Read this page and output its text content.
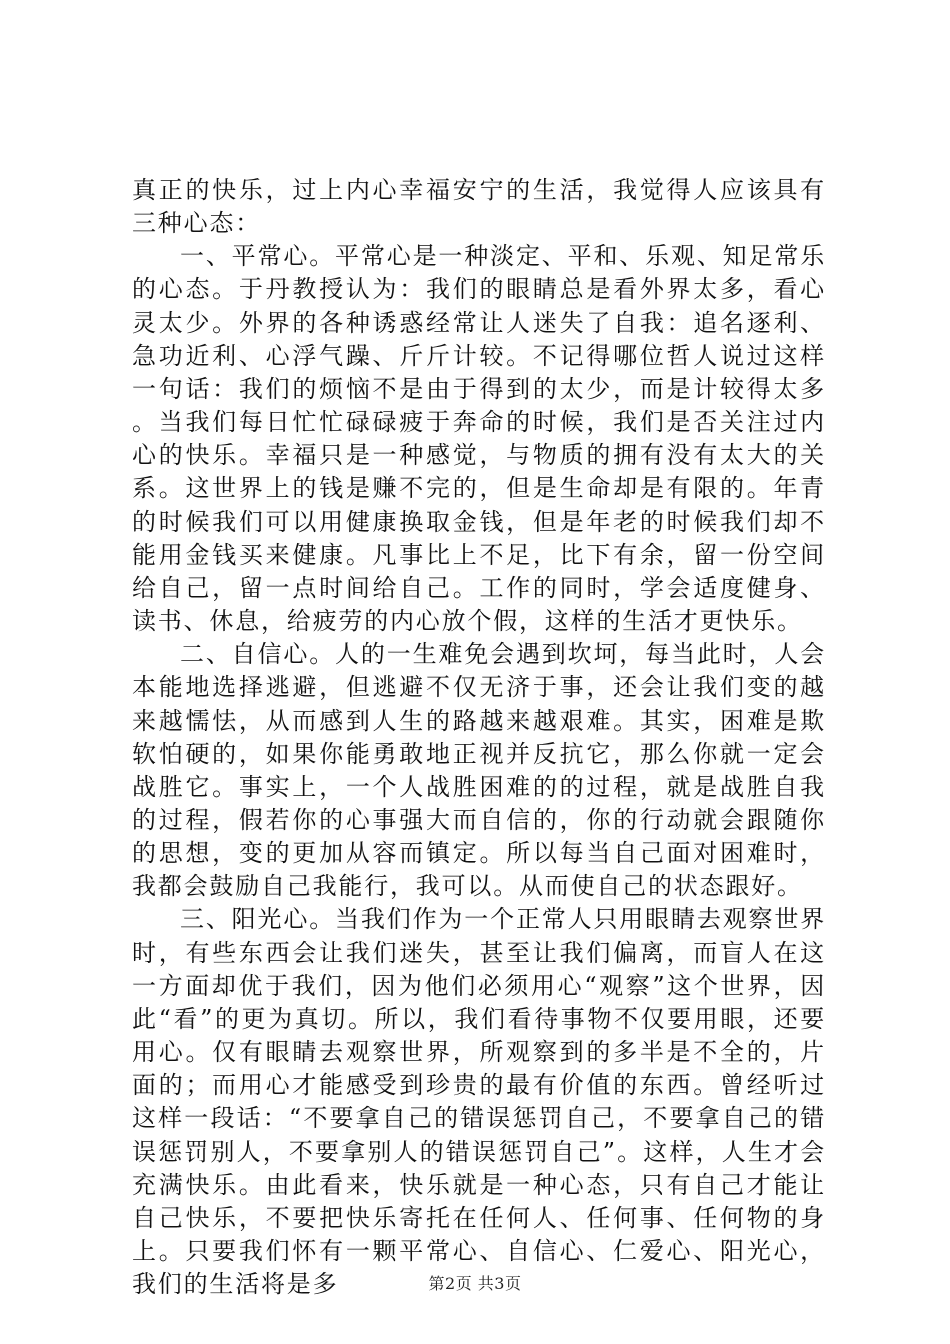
真正的快乐，过上内心幸福安宁的生活，我觉得人应该具有三种心态：

一、平常心。平常心是一种淡定、平和、乐观、知足常乐的心态。于丹教授认为：我们的眼睛总是看外界太多，看心灵太少。外界的各种诱惑经常让人迷失了自我：追名逐利、急功近利、心浮气躁、斤斤计较。不记得哪位哲人说过这样一句话：我们的烦恼不是由于得到的太少，而是计较得太多。当我们每日忙忙碌碌疲于奔命的时候，我们是否关注过内心的快乐。幸福只是一种感觉，与物质的拥有没有太大的关系。这世界上的钱是赚不完的，但是生命却是有限的。年青的时候我们可以用健康换取金钱，但是年老的时候我们却不能用金钱买来健康。凡事比上不足，比下有余，留一份空间给自己，留一点时间给自己。工作的同时，学会适度健身、读书、休息，给疲劳的内心放个假，这样的生活才更快乐。

二、自信心。人的一生难免会遇到坎坷，每当此时，人会本能地选择逃避，但逃避不仅无济于事，还会让我们变的越来越懦怯，从而感到人生的路越来越艰难。其实，困难是欺软怕硬的，如果你能勇敢地正视并反抗它，那么你就一定会战胜它。事实上，一个人战胜困难的的过程，就是战胜自我的过程，假若你的心事强大而自信的，你的行动就会跟随你的思想，变的更加从容而镇定。所以每当自己面对困难时，我都会鼓励自己我能行，我可以。从而使自己的状态跟好。

三、阳光心。当我们作为一个正常人只用眼睛去观察世界时，有些东西会让我们迷失，甚至让我们偏离，而盲人在这一方面却优于我们，因为他们必须用心“观察”这个世界，因此“看”的更为真切。所以，我们看待事物不仅要用眼，还要用心。仅有眼睛去观察世界，所观察到的多半是不全的，片面的；而用心才能感受到珍贵的最有价值的东西。曾经听过这样一段话：“不要拿自己的错误惩罚自己，不要拿自己的错误惩罚别人，不要拿别人的错误惩罚自己”。这样，人生才会充满快乐。由此看来，快乐就是一种心态，只有自己才能让自己快乐，不要把快乐寄托在任何人、任何事、任何物的身上。只要我们怀有一颗平常心、自信心、仁爱心、阳光心，我们的生活将是多	第2页 共3页
